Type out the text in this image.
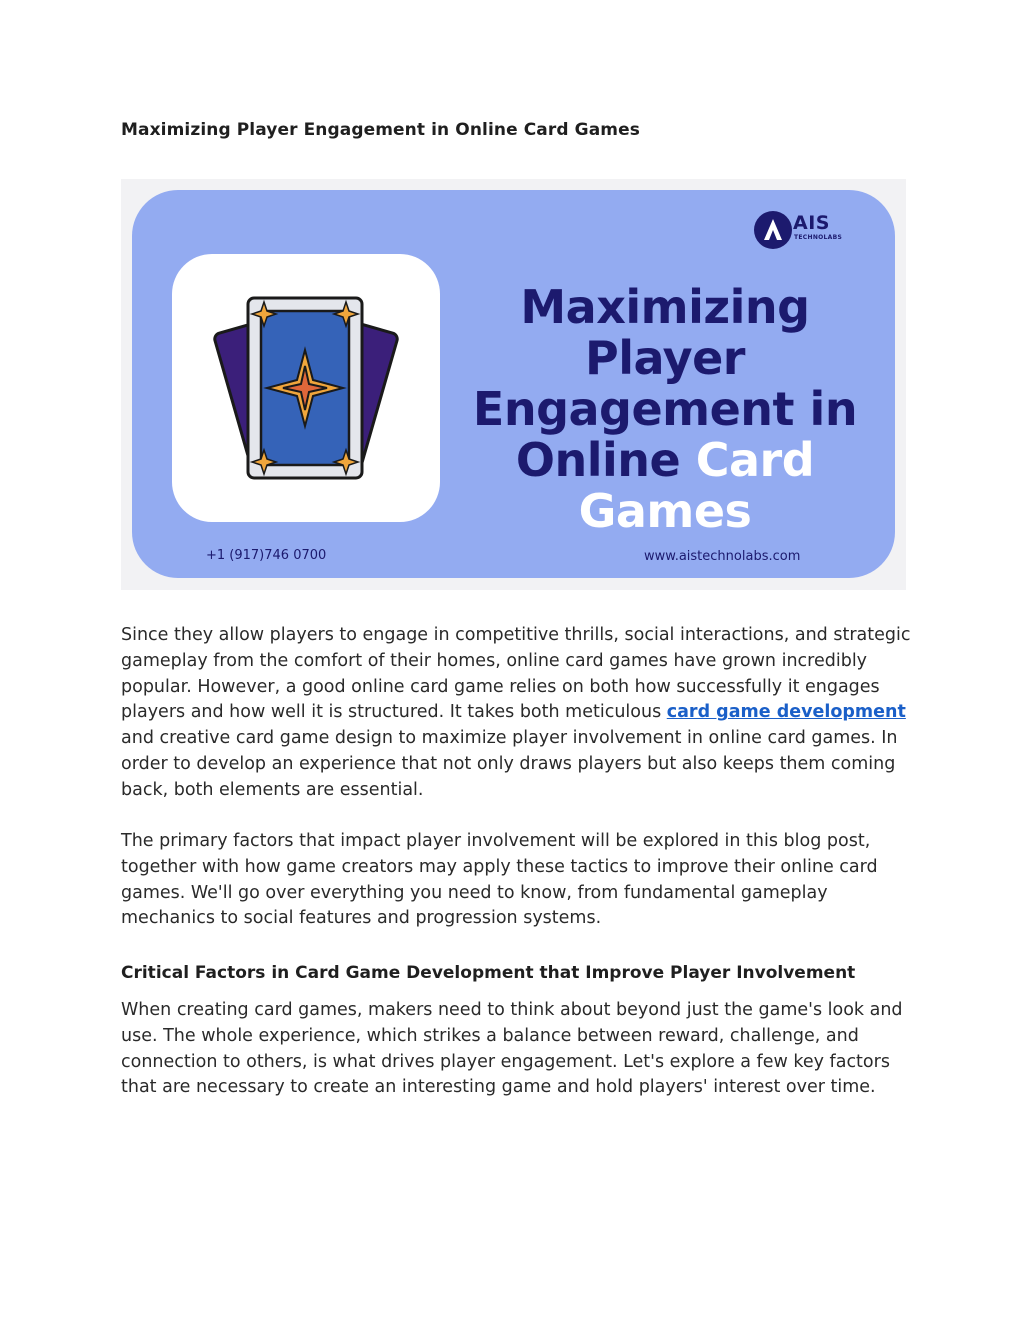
Maximizing Player Engagement in Online Card Games
AIS
TECHNOLABS
Maximizing Player
Engagement in
Online Card
Games
+1 (917)746 0700	www.aistechnolabs.com

Since they allow players to engage in competitive thrills, social interactions, and strategic gameplay from the comfort of their homes, online card games have grown incredibly popular. However, a good online card game relies on both how successfully it engages players and how well it is structured. It takes both meticulous card game development and creative card game design to maximize player involvement in online card games. In order to develop an experience that not only draws players but also keeps them coming back, both elements are essential.

The primary factors that impact player involvement will be explored in this blog post, together with how game creators may apply these tactics to improve their online card games. We'll go over everything you need to know, from fundamental gameplay mechanics to social features and progression systems.

Critical Factors in Card Game Development that Improve Player Involvement

When creating card games, makers need to think about beyond just the game's look and use. The whole experience, which strikes a balance between reward, challenge, and connection to others, is what drives player engagement. Let's explore a few key factors that are necessary to create an interesting game and hold players' interest over time.
